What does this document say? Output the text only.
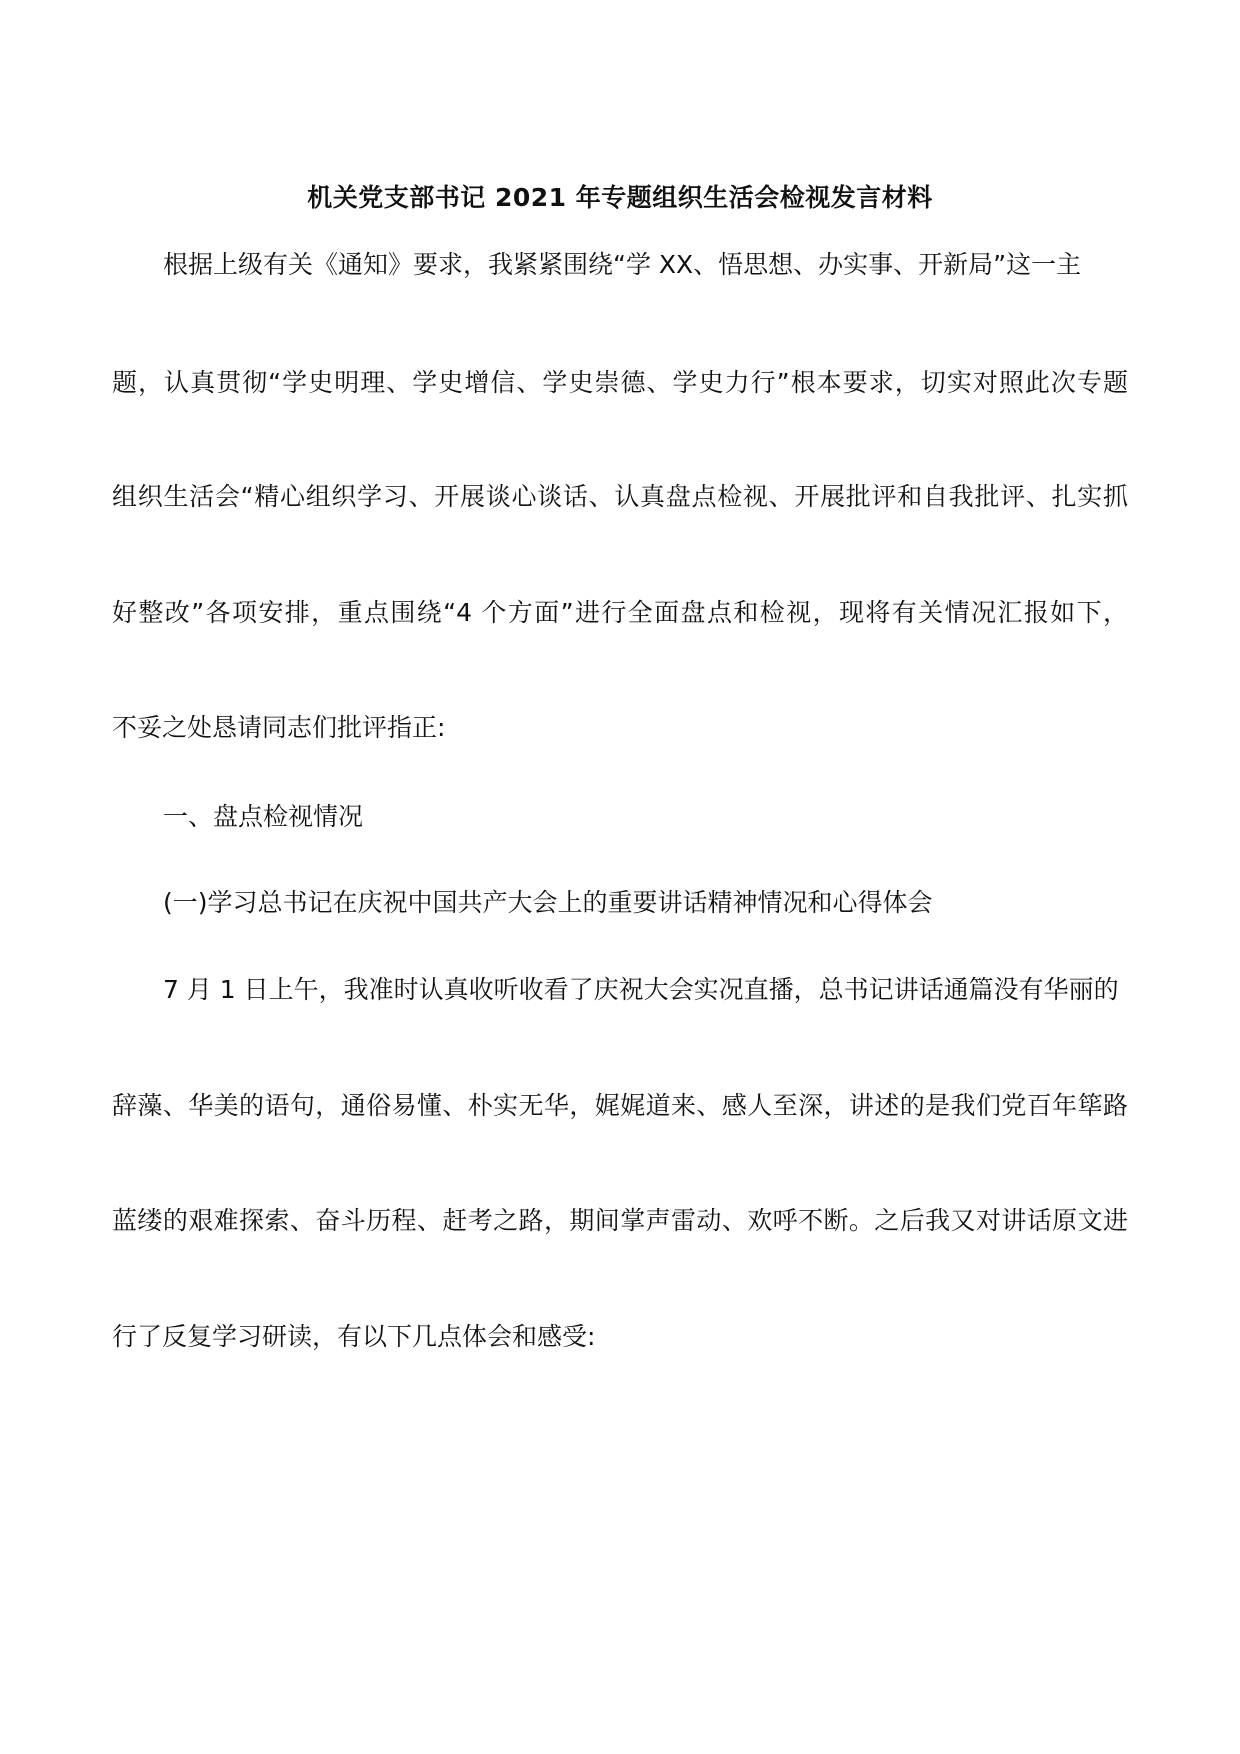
机关党支部书记 2021 年专题组织生活会检视发言材料
根据上级有关《通知》要求，我紧紧围绕“学 XX、悟思想、办实事、开新局”这一主
题，认真贯彻“学史明理、学史增信、学史崇德、学史力行”根本要求，切实对照此次专题
组织生活会“精心组织学习、开展谈心谈话、认真盘点检视、开展批评和自我批评、扎实抓
好整改”各项安排，重点围绕“4 个方面”进行全面盘点和检视，现将有关情况汇报如下，
不妥之处恳请同志们批评指正:
一、盘点检视情况
(一)学习总书记在庆祝中国共产大会上的重要讲话精神情况和心得体会
7 月 1 日上午，我准时认真收听收看了庆祝大会实况直播，总书记讲话通篇没有华丽的
辞藻、华美的语句，通俗易懂、朴实无华，娓娓道来、感人至深，讲述的是我们党百年筚路
蓝缕的艰难探索、奋斗历程、赶考之路，期间掌声雷动、欢呼不断。之后我又对讲话原文进
行了反复学习研读，有以下几点体会和感受:
